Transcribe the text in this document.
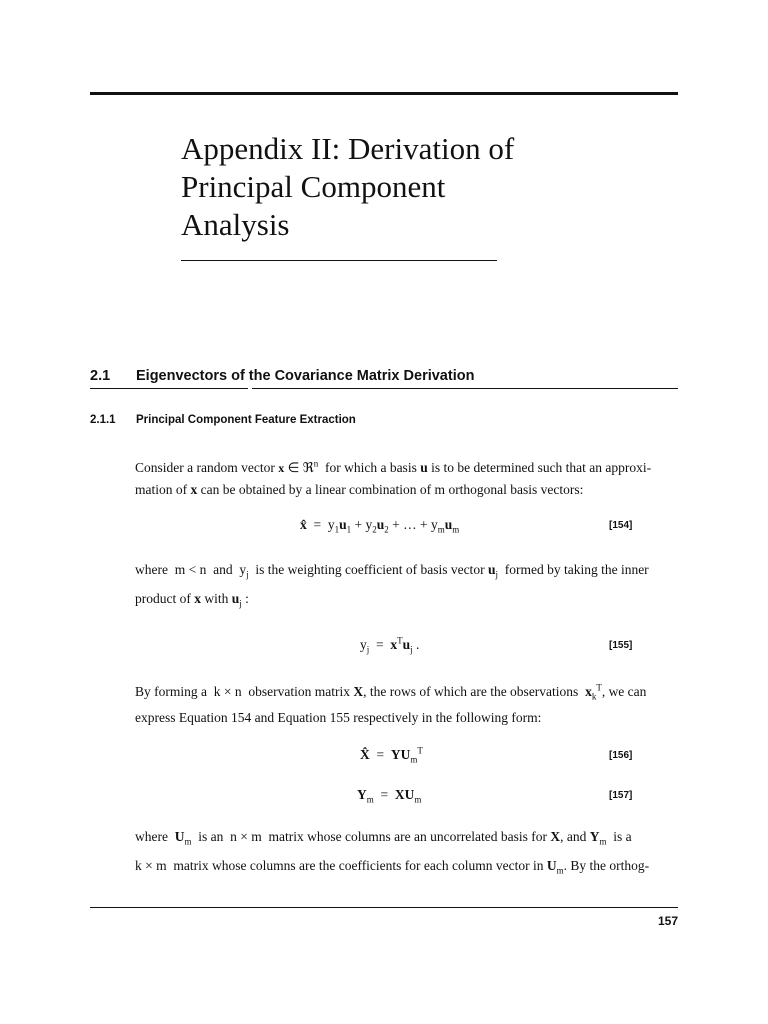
Appendix II: Derivation of
Principal Component
Analysis
2.1 Eigenvectors of the Covariance Matrix Derivation
2.1.1 Principal Component Feature Extraction
Consider a random vector x ∈ ℜ$^n$ for which a basis u is to be determined such that an approxi-
mation of x can be obtained by a linear combination of m orthogonal basis vectors:
x̂  =  $y_1u_1 + y_2u_2$ + … + $y_mu_m$	[154]
where  m < n  and  $y_j$ is the weighting coefficient of basis vector $u_j$ formed by taking the inner
product of x with $u_j$ :
$y_j = x^Tu_j$ .	[155]
By forming a  k × n  observation matrix X, the rows of which are the observations $x_k^T$, we can
express Equation 154 and Equation 155 respectively in the following form:
X̂  =  $YU_m^T$	[156]
$Y_m = XU_m$	[157]
where $U_m$ is an  n × m  matrix whose columns are an uncorrelated basis for X, and $Y_m$ is a
k × m  matrix whose columns are the coefficients for each column vector in $U_m$. By the orthog-
157
